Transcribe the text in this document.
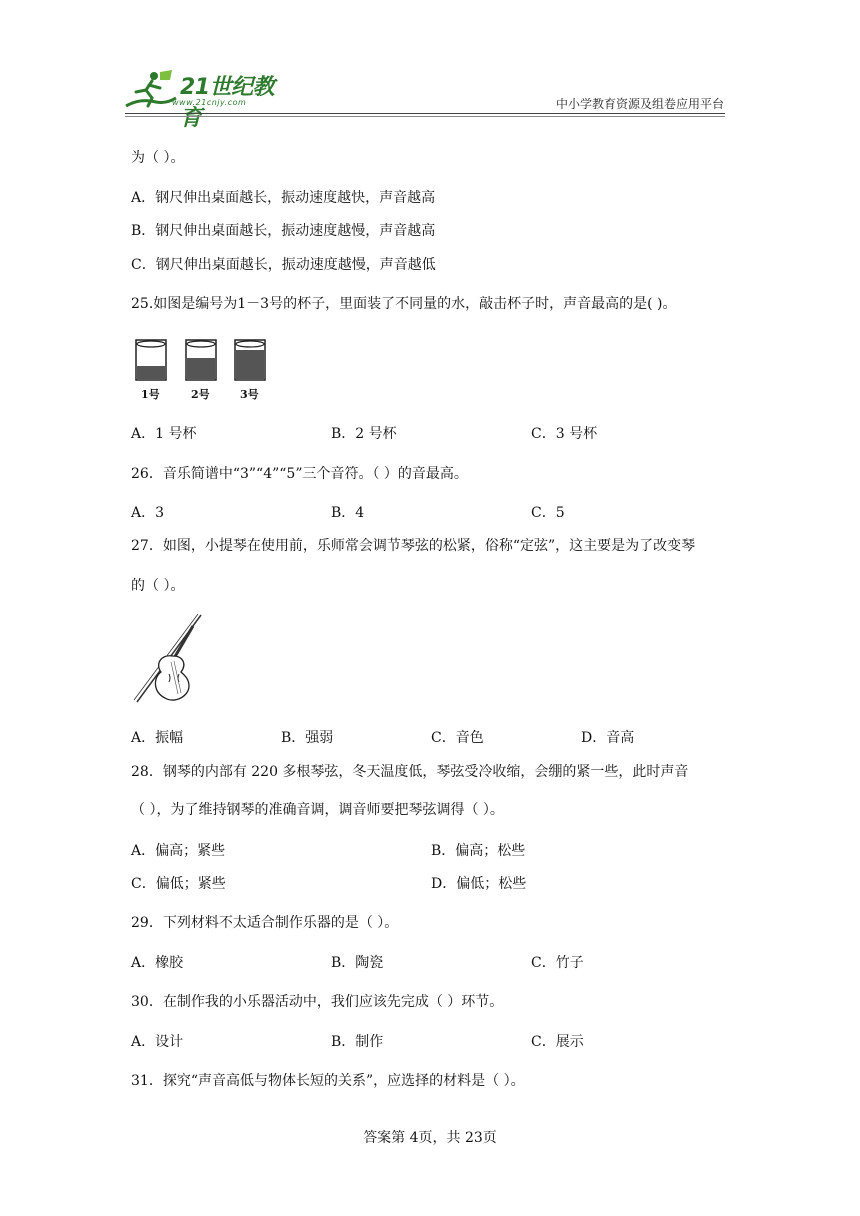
21世纪教育
www.21cnjy.com	中小学教育资源及组卷应用平台
为（ ）。
A．钢尺伸出桌面越长，振动速度越快，声音越高
B．钢尺伸出桌面越长，振动速度越慢，声音越高
C．钢尺伸出桌面越长，振动速度越慢，声音越低
25.如图是编号为1－3号的杯子，里面装了不同量的水，敲击杯子时，声音最高的是( )。
1号	2号	3号
A．1 号杯	B．2 号杯	C．3 号杯
26．音乐简谱中“3”“4”“5”三个音符。（ ）的音最高。
A．3	B．4	C．5
27．如图，小提琴在使用前，乐师常会调节琴弦的松紧，俗称“定弦”，这主要是为了改变琴
的（ ）。
A．振幅	B．强弱	C．音色	D．音高
28．钢琴的内部有 220 多根琴弦，冬天温度低，琴弦受冷收缩，会绷的紧一些，此时声音
（ ），为了维持钢琴的准确音调，调音师要把琴弦调得（ ）。
A．偏高；紧些	B．偏高；松些
C．偏低；紧些	D．偏低；松些
29．下列材料不太适合制作乐器的是（ ）。
A．橡胶	B．陶瓷	C．竹子
30．在制作我的小乐器活动中，我们应该先完成（ ）环节。
A．设计	B．制作	C．展示
31．探究“声音高低与物体长短的关系”，应选择的材料是（ ）。
答案第 4页，共 23页
